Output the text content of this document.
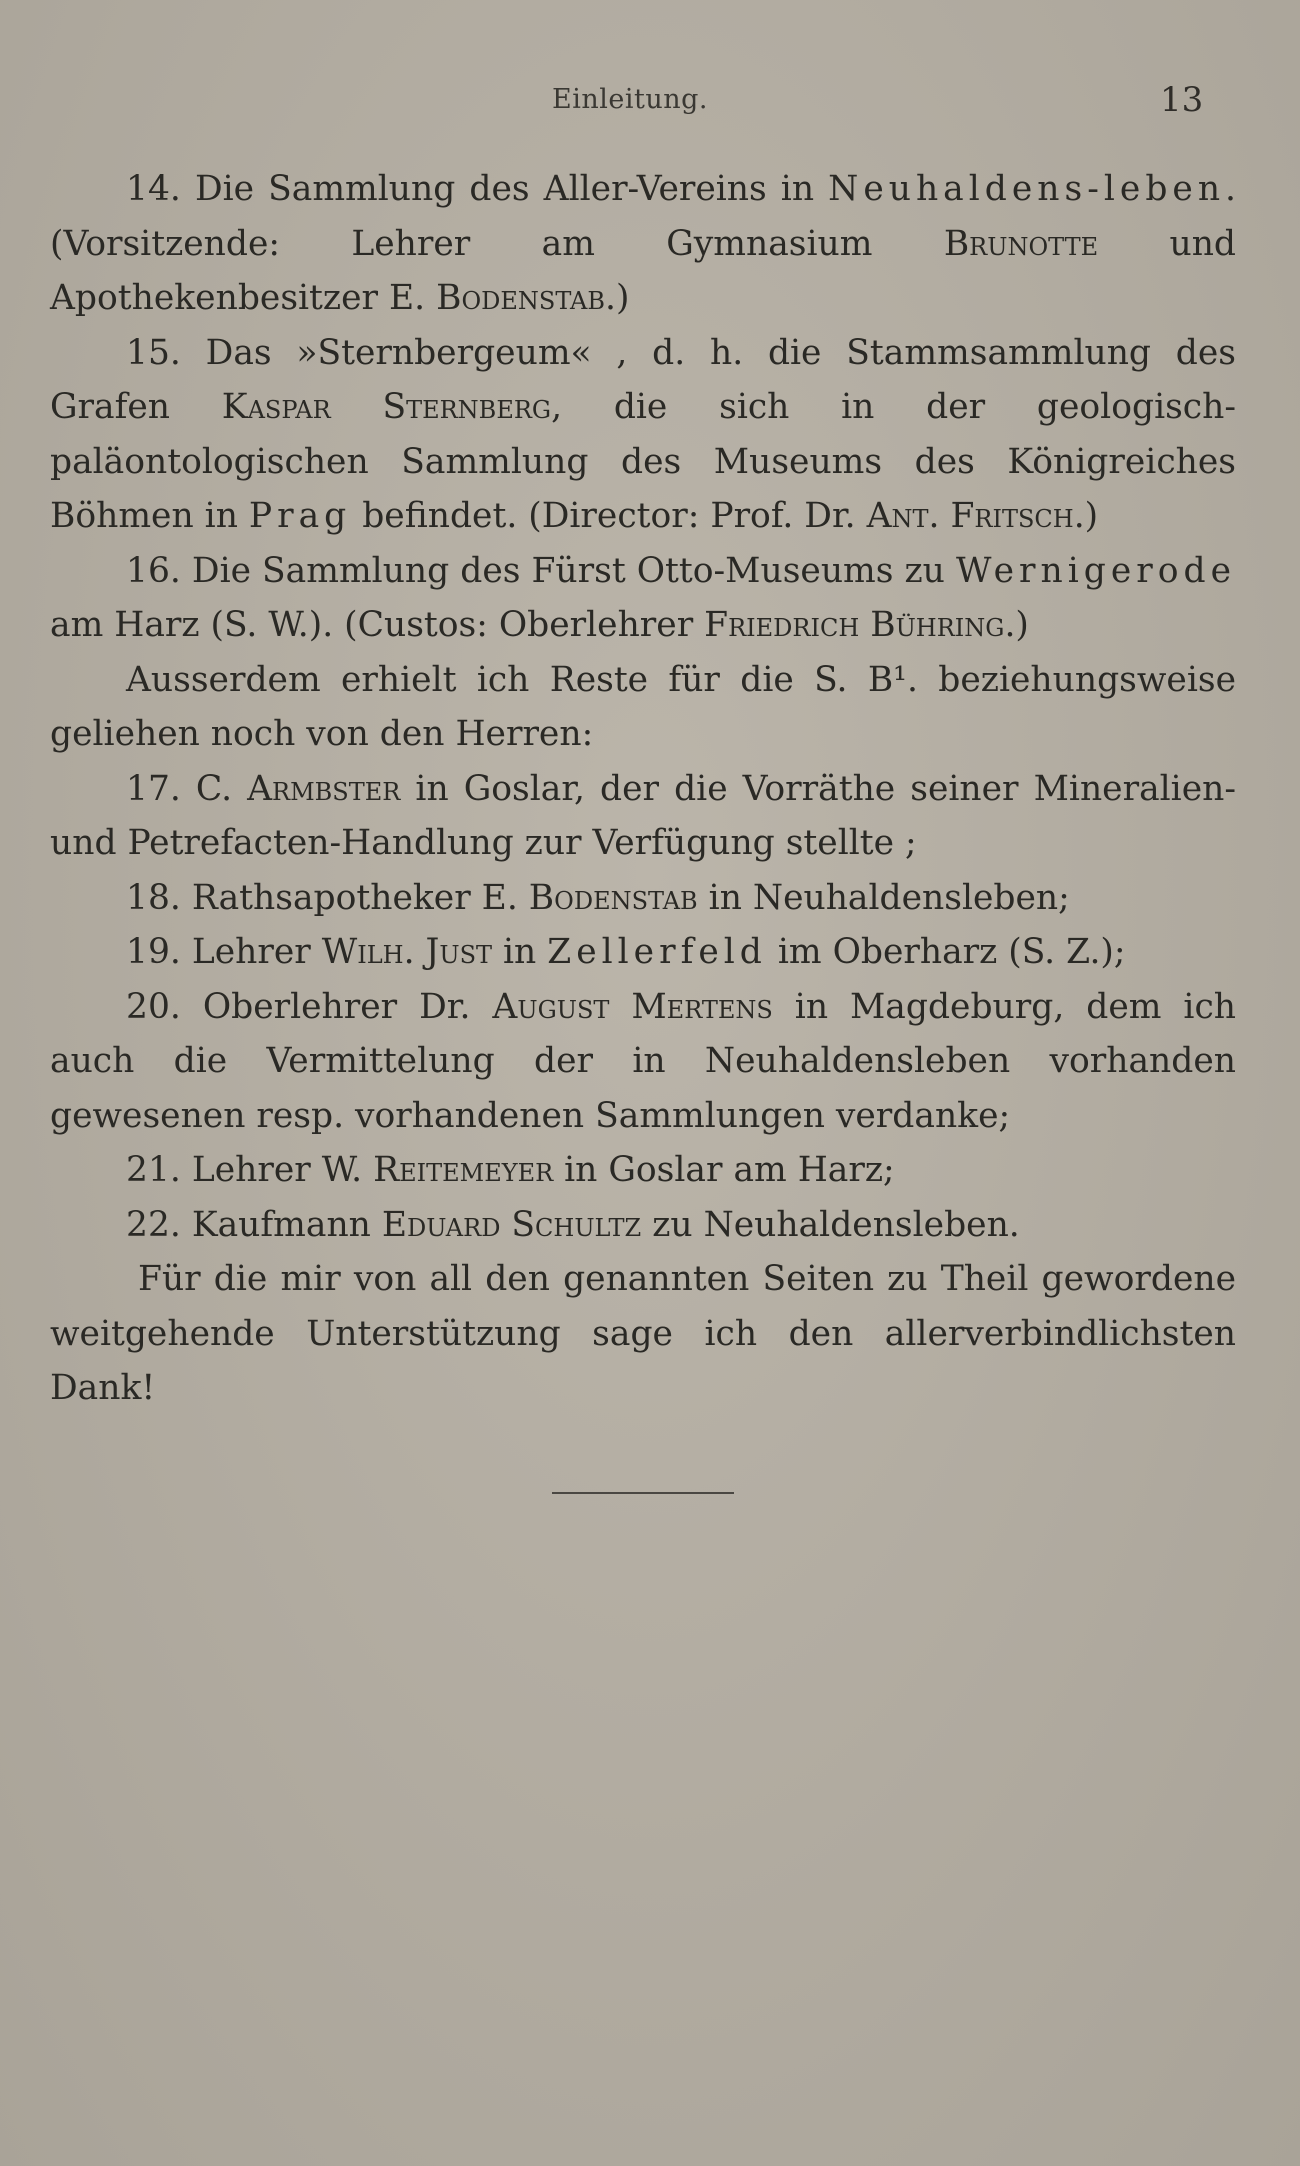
Einleitung.	13

14. Die Sammlung des Aller-Vereins in Neuhaldens-leben. (Vorsitzende: Lehrer am Gymnasium Brunotte und Apothekenbesitzer E. Bodenstab.)

15. Das »Sternbergeum« , d. h. die Stammsammlung des Grafen Kaspar Sternberg, die sich in der geologisch-paläontologischen Sammlung des Museums des Königreiches Böhmen in Prag befindet. (Director: Prof. Dr. Ant. Fritsch.)

16. Die Sammlung des Fürst Otto-Museums zu Wernigerode am Harz (S. W.). (Custos: Oberlehrer Friedrich Bühring.)

Ausserdem erhielt ich Reste für die S. B¹. beziehungsweise geliehen noch von den Herren:

17. C. Armbster in Goslar, der die Vorräthe seiner Mineralien- und Petrefacten-Handlung zur Verfügung stellte ;

18. Rathsapotheker E. Bodenstab in Neuhaldensleben;

19. Lehrer Wilh. Just in Zellerfeld im Oberharz (S. Z.);

20. Oberlehrer Dr. August Mertens in Magdeburg, dem ich auch die Vermittelung der in Neuhaldensleben vorhanden gewesenen resp. vorhandenen Sammlungen verdanke;

21. Lehrer W. Reitemeyer in Goslar am Harz;

22. Kaufmann Eduard Schultz zu Neuhaldensleben.

Für die mir von all den genannten Seiten zu Theil gewordene weitgehende Unterstützung sage ich den allerverbindlichsten Dank!
